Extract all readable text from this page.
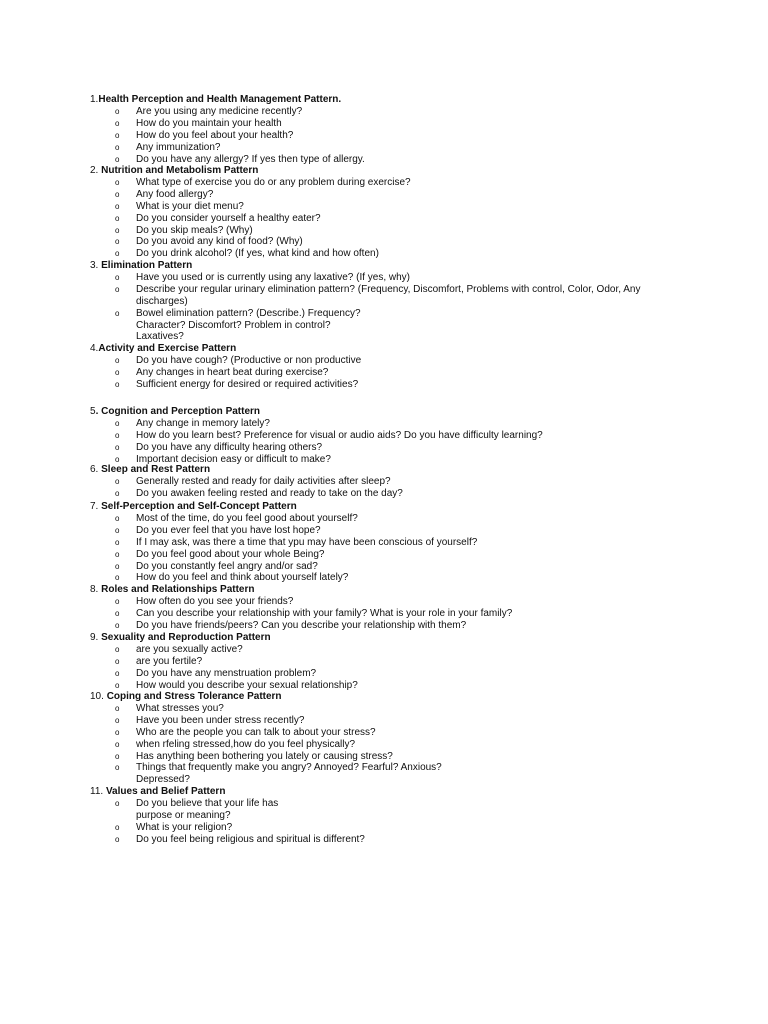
1.Health Perception and Health Management Pattern.
o Are you using any medicine recently?
o How do you maintain your health
o How do you feel about your health?
o Any immunization?
o Do you have any allergy? If yes then type of allergy.
2. Nutrition and Metabolism Pattern
o What type of exercise you do or any problem during exercise?
o Any food allergy?
o What is your diet menu?
o Do you consider yourself a healthy eater?
o Do you skip meals? (Why)
o Do you avoid any kind of food? (Why)
o Do you drink alcohol? (If yes, what kind and how often)
3. Elimination Pattern
o Have you used or is currently using any laxative? (If yes, why)
o Describe your regular urinary elimination pattern? (Frequency, Discomfort, Problems with control, Color, Odor, Any
discharges)
o Bowel elimination pattern? (Describe.) Frequency?
Character? Discomfort? Problem in control?
Laxatives?
4.Activity and Exercise Pattern
o Do you have cough? (Productive or non productive
o Any changes in heart beat during exercise?
o Sufficient energy for desired or required activities?
5. Cognition and Perception Pattern
o Any change in memory lately?
o How do you learn best? Preference for visual or audio aids? Do you have difficulty learning?
o Do you have any difficulty hearing others?
o Important decision easy or difficult to make?
6. Sleep and Rest Pattern
o Generally rested and ready for daily activities after sleep?
o Do you awaken feeling rested and ready to take on the day?
7. Self-Perception and Self-Concept Pattern
o Most of the time, do you feel good about yourself?
o Do you ever feel that you have lost hope?
o If I may ask, was there a time that ypu may have been conscious of yourself?
o Do you feel good about your whole Being?
o Do you constantly feel angry and/or sad?
o How do you feel and think about yourself lately?
8. Roles and Relationships Pattern
o How often do you see your friends?
o Can you describe your relationship with your family? What is your role in your family?
o Do you have friends/peers? Can you describe your relationship with them?
9. Sexuality and Reproduction Pattern
o are you sexually active?
o are you fertile?
o Do you have any menstruation problem?
o How would you describe your sexual relationship?
10. Coping and Stress Tolerance Pattern
o What stresses you?
o Have you been under stress recently?
o Who are the people you can talk to about your stress?
o when rfeling stressed,how do you feel physically?
o Has anything been bothering you lately or causing stress?
o Things that frequently make you angry? Annoyed? Fearful? Anxious?
Depressed?
11. Values and Belief Pattern
o Do you believe that your life has
purpose or meaning?
o What is your religion?
o Do you feel being religious and spiritual is different?
